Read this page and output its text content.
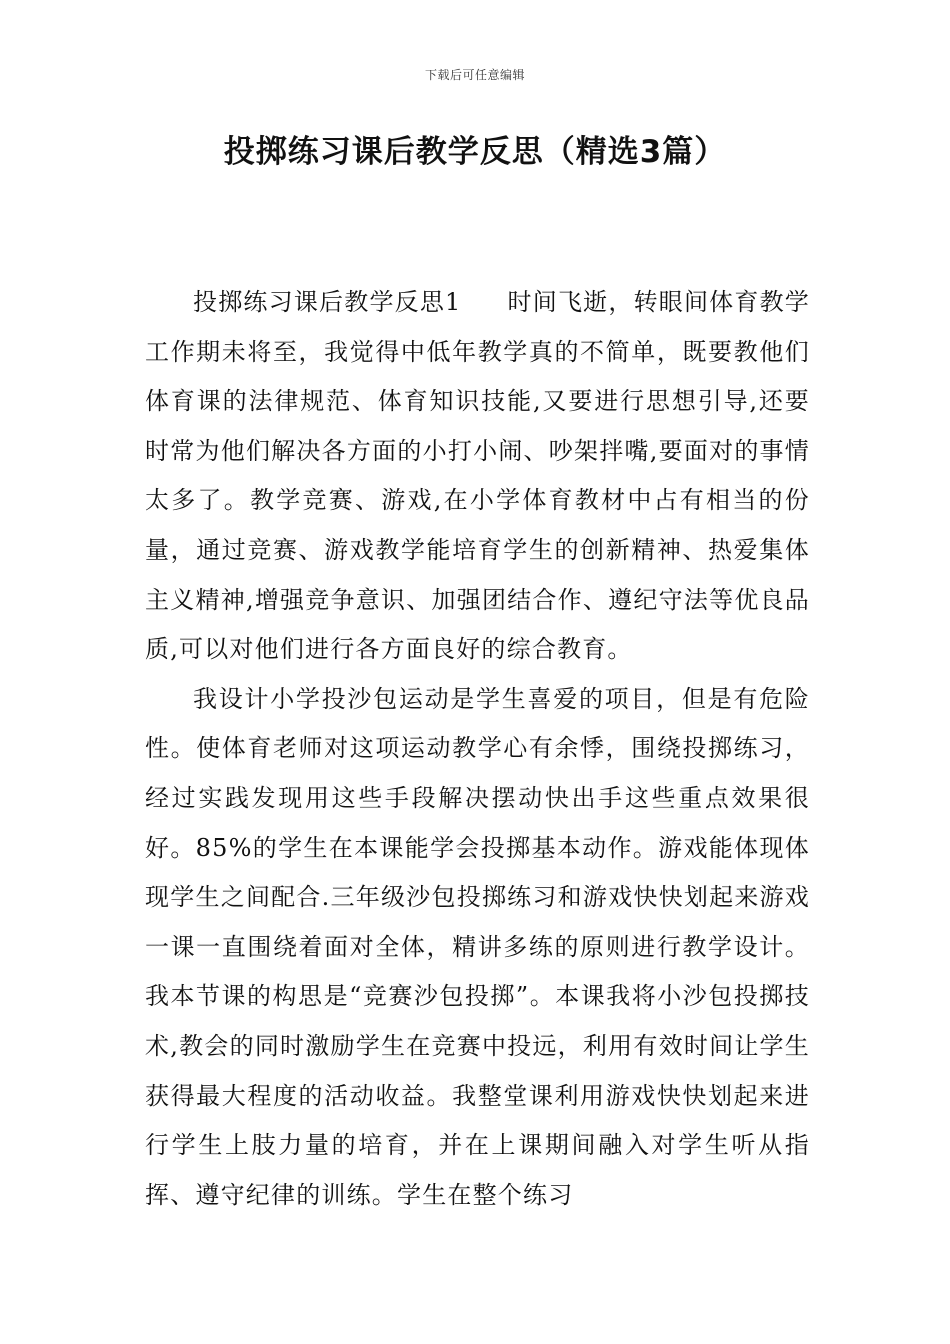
下载后可任意编辑
投掷练习课后教学反思（精选3篇）

投掷练习课后教学反思1 时间飞逝，转眼间体育教学工作期未将至，我觉得中低年教学真的不简单，既要教他们体育课的法律规范、体育知识技能,又要进行思想引导,还要时常为他们解决各方面的小打小闹、吵架拌嘴,要面对的事情太多了。教学竞赛、游戏,在小学体育教材中占有相当的份量，通过竞赛、游戏教学能培育学生的创新精神、热爱集体主义精神,增强竞争意识、加强团结合作、遵纪守法等优良品质,可以对他们进行各方面良好的综合教育。

我设计小学投沙包运动是学生喜爱的项目，但是有危险性。使体育老师对这项运动教学心有余悸，围绕投掷练习，经过实践发现用这些手段解决摆动快出手这些重点效果很好。85%的学生在本课能学会投掷基本动作。游戏能体现体现学生之间配合.三年级沙包投掷练习和游戏快快划起来游戏一课一直围绕着面对全体，精讲多练的原则进行教学设计。我本节课的构思是“竞赛沙包投掷”。本课我将小沙包投掷技术,教会的同时激励学生在竞赛中投远，利用有效时间让学生获得最大程度的活动收益。我整堂课利用游戏快快划起来进行学生上肢力量的培育，并在上课期间融入对学生听从指挥、遵守纪律的训练。学生在整个练习
